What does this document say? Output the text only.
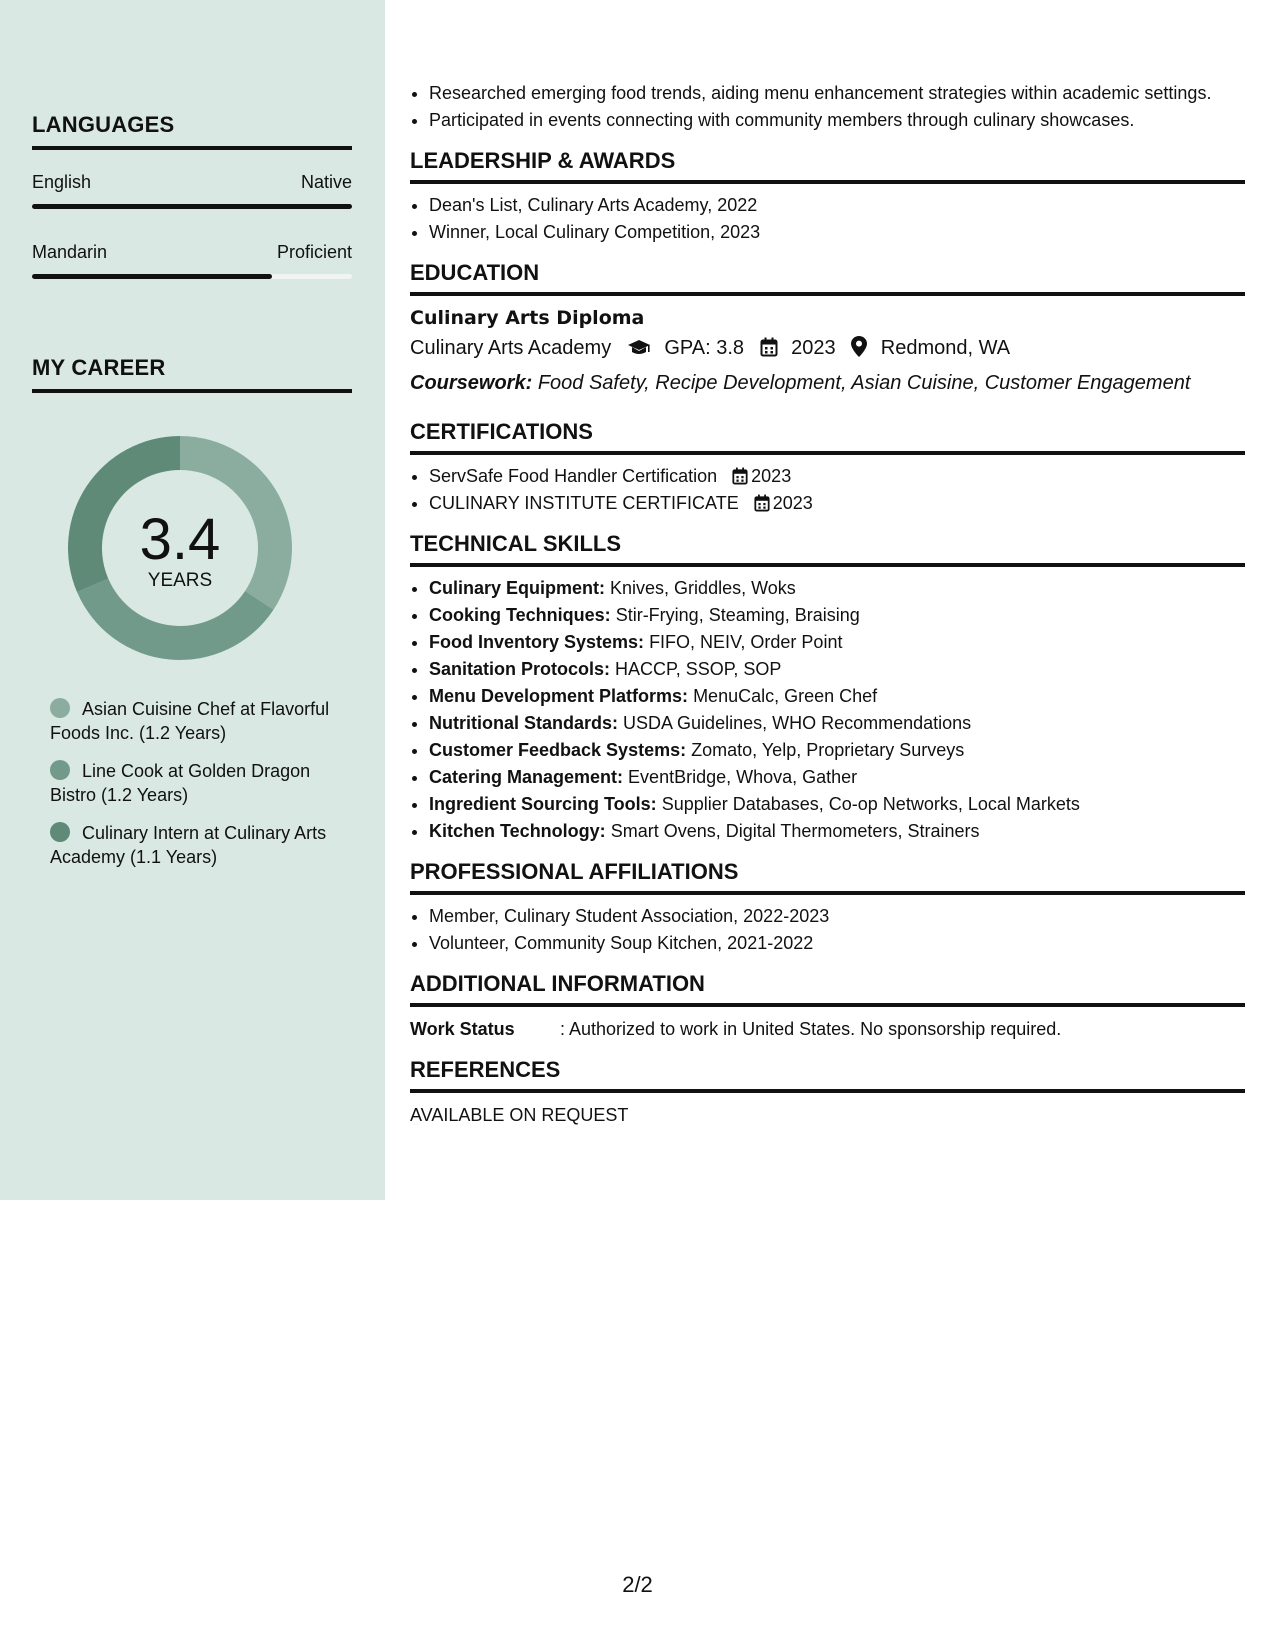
LANGUAGES
English	Native
Mandarin	Proficient
MY CAREER
3.4
YEARS
Asian Cuisine Chef at Flavorful Foods Inc. (1.2 Years)
Line Cook at Golden Dragon Bistro (1.2 Years)
Culinary Intern at Culinary Arts Academy (1.1 Years)
• Researched emerging food trends, aiding menu enhancement strategies within academic settings.
• Participated in events connecting with community members through culinary showcases.
LEADERSHIP & AWARDS
• Dean's List, Culinary Arts Academy, 2022
• Winner, Local Culinary Competition, 2023
EDUCATION
Culinary Arts Diploma
Culinary Arts Academy	GPA: 3.8 2023 Redmond, WA
Coursework: Food Safety, Recipe Development, Asian Cuisine, Customer Engagement
CERTIFICATIONS
• ServSafe Food Handler Certification 2023
• CULINARY INSTITUTE CERTIFICATE 2023
TECHNICAL SKILLS
• Culinary Equipment: Knives, Griddles, Woks
• Cooking Techniques: Stir-Frying, Steaming, Braising
• Food Inventory Systems: FIFO, NEIV, Order Point
• Sanitation Protocols: HACCP, SSOP, SOP
• Menu Development Platforms: MenuCalc, Green Chef
• Nutritional Standards: USDA Guidelines, WHO Recommendations
• Customer Feedback Systems: Zomato, Yelp, Proprietary Surveys
• Catering Management: EventBridge, Whova, Gather
• Ingredient Sourcing Tools: Supplier Databases, Co-op Networks, Local Markets
• Kitchen Technology: Smart Ovens, Digital Thermometers, Strainers
PROFESSIONAL AFFILIATIONS
• Member, Culinary Student Association, 2022-2023
• Volunteer, Community Soup Kitchen, 2021-2022
ADDITIONAL INFORMATION
Work Status	: Authorized to work in United States. No sponsorship required.
REFERENCES
AVAILABLE ON REQUEST
2/2
